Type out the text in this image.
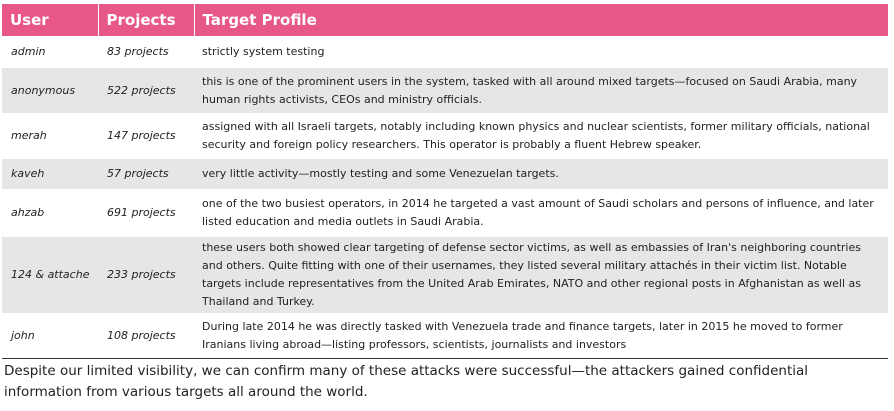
User	Projects	Target Profile
admin	83 projects	strictly system testing
anonymous	522 projects	this is one of the prominent users in the system, tasked with all around mixed targets—focused on Saudi Arabia, many human rights activists, CEOs and ministry officials.
merah	147 projects	assigned with all Israeli targets, notably including known physics and nuclear scientists, former military officials, national security and foreign policy researchers. This operator is probably a fluent Hebrew speaker.
kaveh	57 projects	very little activity—mostly testing and some Venezuelan targets.
ahzab	691 projects	one of the two busiest operators, in 2014 he targeted a vast amount of Saudi scholars and persons of influence, and later listed education and media outlets in Saudi Arabia.
124 & attache	233 projects	these users both showed clear targeting of defense sector victims, as well as embassies of Iran's neighboring countries and others. Quite fitting with one of their usernames, they listed several military attachés in their victim list. Notable targets include representatives from the United Arab Emirates, NATO and other regional posts in Afghanistan as well as Thailand and Turkey.
john	108 projects	During late 2014 he was directly tasked with Venezuela trade and finance targets, later in 2015 he moved to former Iranians living abroad—listing professors, scientists, journalists and investors

Despite our limited visibility, we can confirm many of these attacks were successful—the attackers gained confidential information from various targets all around the world.
